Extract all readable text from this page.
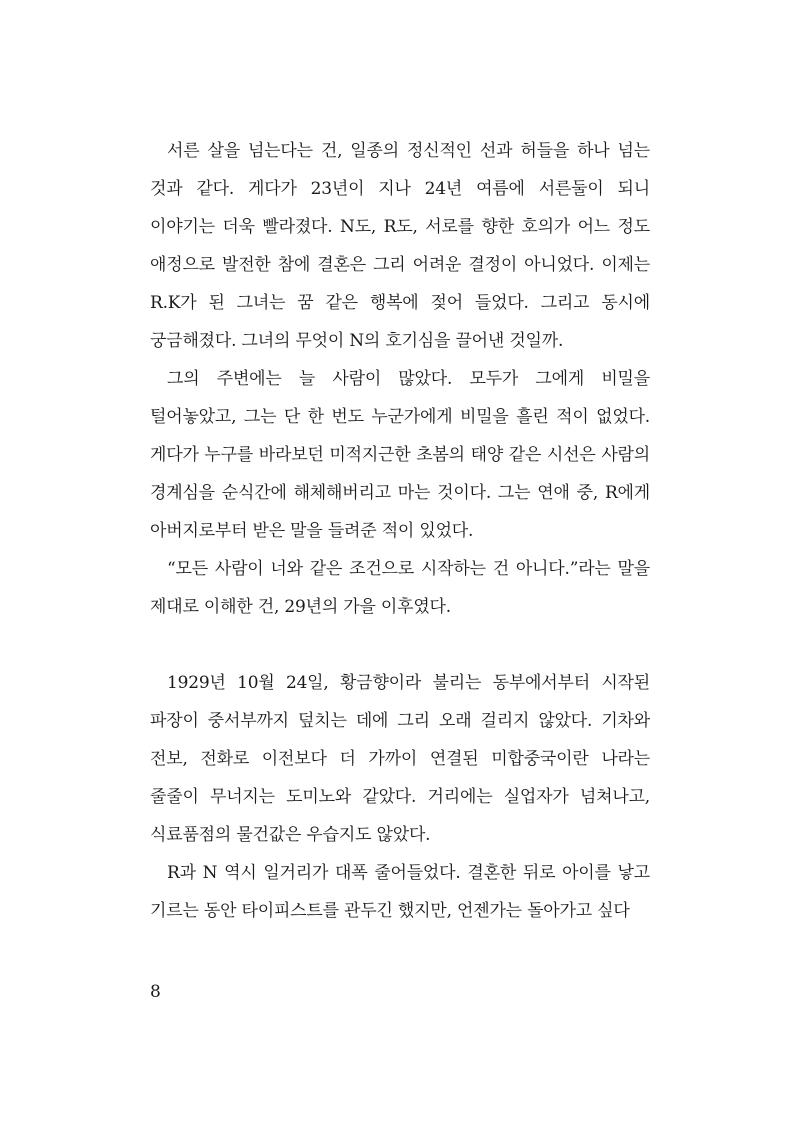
서른 살을 넘는다는 건, 일종의 정신적인 선과 허들을 하나 넘는 것과 같다. 게다가 23년이 지나 24년 여름에 서른둘이 되니 이야기는 더욱 빨라졌다. N도, R도, 서로를 향한 호의가 어느 정도 애정으로 발전한 참에 결혼은 그리 어려운 결정이 아니었다. 이제는 R.K가 된 그녀는 꿈 같은 행복에 젖어 들었다. 그리고 동시에 궁금해졌다. 그녀의 무엇이 N의 호기심을 끌어낸 것일까.

그의 주변에는 늘 사람이 많았다. 모두가 그에게 비밀을 털어놓았고, 그는 단 한 번도 누군가에게 비밀을 흘린 적이 없었다. 게다가 누구를 바라보던 미적지근한 초봄의 태양 같은 시선은 사람의 경계심을 순식간에 해체해버리고 마는 것이다. 그는 연애 중, R에게 아버지로부터 받은 말을 들려준 적이 있었다.

“모든 사람이 너와 같은 조건으로 시작하는 건 아니다.”라는 말을 제대로 이해한 건, 29년의 가을 이후였다.

1929년 10월 24일, 황금향이라 불리는 동부에서부터 시작된 파장이 중서부까지 덮치는 데에 그리 오래 걸리지 않았다. 기차와 전보, 전화로 이전보다 더 가까이 연결된 미합중국이란 나라는 줄줄이 무너지는 도미노와 같았다. 거리에는 실업자가 넘쳐나고, 식료품점의 물건값은 우습지도 않았다.

R과 N 역시 일거리가 대폭 줄어들었다. 결혼한 뒤로 아이를 낳고 기르는 동안 타이피스트를 관두긴 했지만, 언젠가는 돌아가고 싶다

8
